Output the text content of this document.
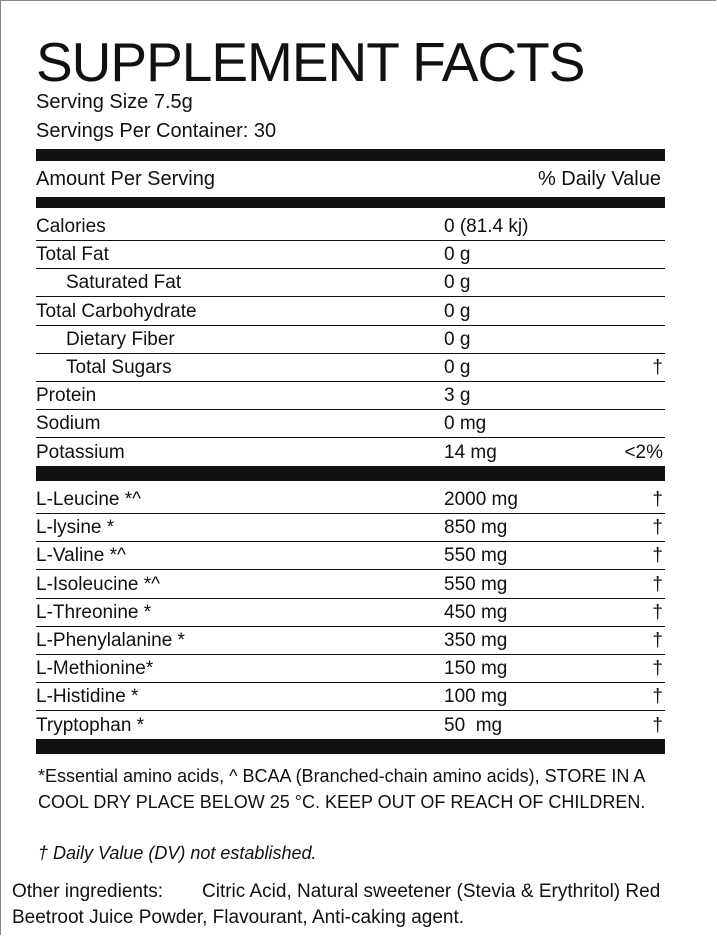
SUPPLEMENT FACTS
Serving Size 7.5g
Servings Per Container: 30
Amount Per Serving	% Daily Value
Calories	0 (81.4 kj)
Total Fat	0 g
Saturated Fat	0 g
Total Carbohydrate	0 g
Dietary Fiber	0 g
Total Sugars	0 g	†
Protein	3 g
Sodium	0 mg
Potassium	14 mg	<2%
L-Leucine *^	2000 mg	†
L-lysine *	850 mg	†
L-Valine *^	550 mg	†
L-Isoleucine *^	550 mg	†
L-Threonine *	450 mg	†
L-Phenylalanine *	350 mg	†
L-Methionine*	150 mg	†
L-Histidine *	100 mg	†
Tryptophan *	50  mg	†
*Essential amino acids, ^ BCAA (Branched-chain amino acids), STORE IN A COOL DRY PLACE BELOW 25 °C. KEEP OUT OF REACH OF CHILDREN.
† Daily Value (DV) not established.
Other ingredients: Citric Acid, Natural sweetener (Stevia & Erythritol) Red Beetroot Juice Powder, Flavourant, Anti-caking agent.
